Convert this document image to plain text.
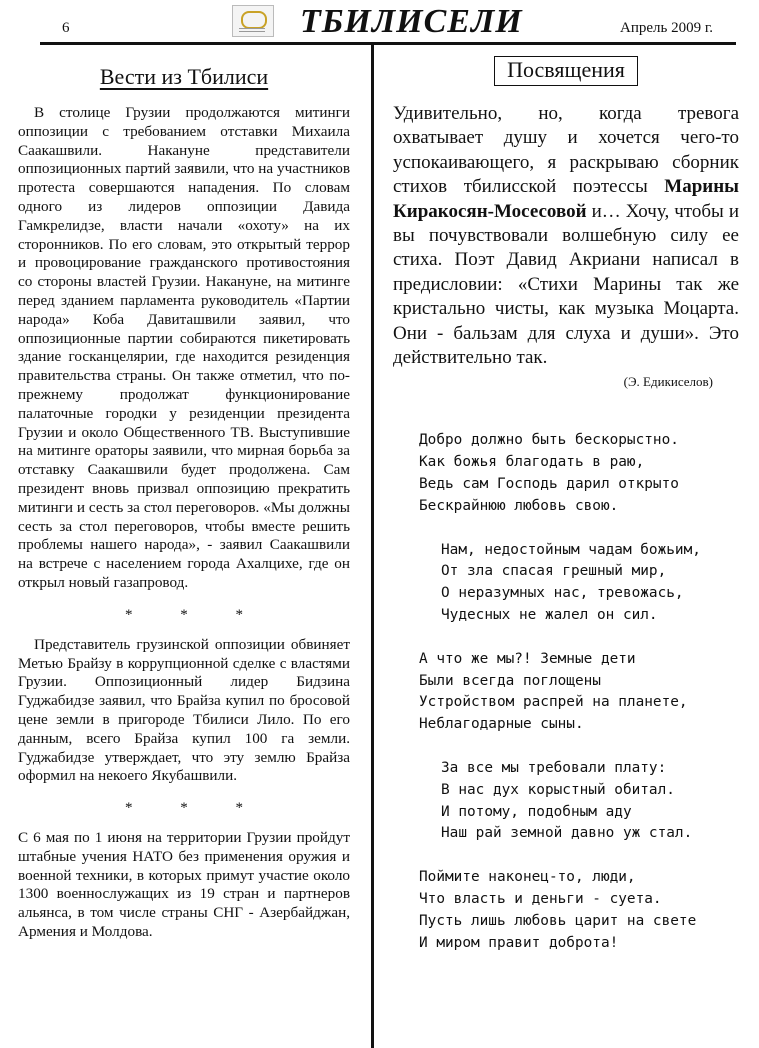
6	ТБИЛИСЕЛИ	Апрель 2009 г.
Вести из Тбилиси

В столице Грузии продолжаются митинги оппозиции с требованием отставки Михаила Саакашвили. Накануне представители оппозиционных партий заявили, что на участников протеста совершаются нападения. По словам одного из лидеров оппозиции Давида Гамкрелидзе, власти начали «охоту» на их сторонников. По его словам, это открытый террор и провоцирование гражданского противостояния со стороны властей Грузии. Накануне, на митинге перед зданием парламента руководитель «Партии народа» Коба Давиташвили заявил, что оппозиционные партии собираются пикетировать здание госканцелярии, где находится резиденция правительства страны. Он также отметил, что по-прежнему продолжат функционирование палаточные городки у резиденции президента Грузии и около Общественного ТВ. Выступившие на митинге ораторы заявили, что мирная борьба за отставку Саакашвили будет продолжена. Сам президент вновь призвал оппозицию прекратить митинги и сесть за стол переговоров. «Мы должны сесть за стол переговоров, чтобы вместе решить проблемы нашего народа», - заявил Саакашвили на встрече с населением города Ахалцихе, где он открыл новый газапровод.

* * *

Представитель грузинской оппозиции обвиняет Метью Брайзу в коррупционной сделке с властями Грузии. Оппозиционный лидер Бидзина Гуджабидзе заявил, что Брайза купил по бросовой цене земли в пригороде Тбилиси Лило. По его данным, всего Брайза купил 100 га земли. Гуджабидзе утверждает, что эту землю Брайза оформил на некоего Якубашвили.

* * *

С 6 мая по 1 июня на территории Грузии пройдут штабные учения НАТО без применения оружия и военной техники, в которых примут участие около 1300 военнослужащих из 19 стран и партнеров альянса, в том числе страны СНГ - Азербайджан, Армения и Молдова.

Посвящения

Удивительно, но, когда тревога охватывает душу и хочется чего-то успокаивающего, я раскрываю сборник стихов тбилисской поэтессы Марины Киракосян-Мосесовой и… Хочу, чтобы и вы почувствовали волшебную силу ее стиха. Поэт Давид Акриани написал в предисловии: «Стихи Марины так же кристально чисты, как музыка Моцарта. Они - бальзам для слуха и души». Это действительно так.

(Э. Едикиселов)
Добро должно быть бескорыстно.
Как божья благодать в раю,
Ведь сам Господь дарил открыто
Бескрайнюю любовь свою.
Нам, недостойным чадам божьим,
От зла спасая грешный мир,
О неразумных нас, тревожась,
Чудесных не жалел он сил.
А что же мы?! Земные дети
Были всегда поглощены
Устройством распрей на планете,
Неблагодарные сыны.
За все мы требовали плату:
В нас дух корыстный обитал.
И потому, подобным аду
Наш рай земной давно уж стал.
Поймите наконец-то, люди,
Что власть и деньги - суета.
Пусть лишь любовь царит на свете
И миром правит доброта!
